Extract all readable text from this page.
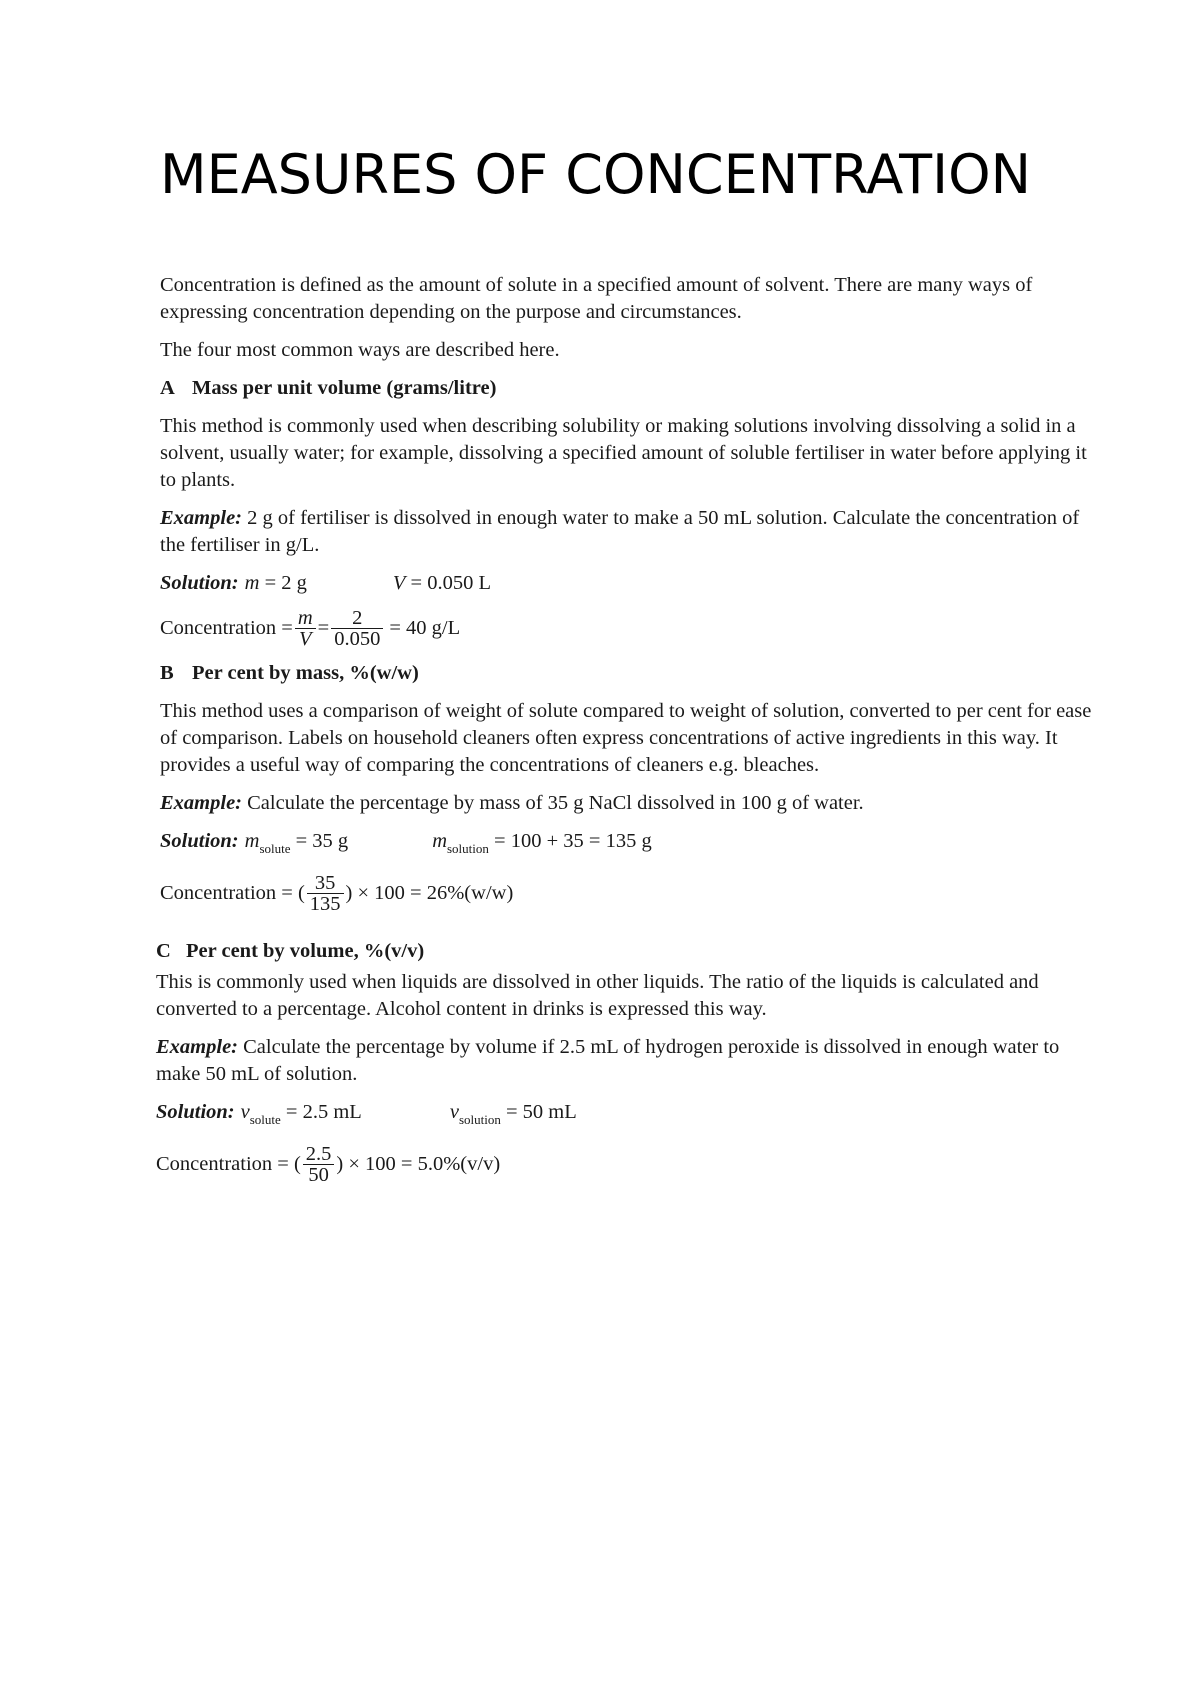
MEASURES OF CONCENTRATION

Concentration is defined as the amount of solute in a specified amount of solvent. There are many ways of expressing concentration depending on the purpose and circumstances.

The four most common ways are described here.

A Mass per unit volume (grams/litre)

This method is commonly used when describing solubility or making solutions involving dissolving a solid in a solvent, usually water; for example, dissolving a specified amount of soluble fertiliser in water before applying it to plants.

Example: 2 g of fertiliser is dissolved in enough water to make a 50 mL solution. Calculate the concentration of the fertiliser in g/L.

Solution: m = 2 g	V = 0.050 L
Concentration = $\frac{m}{V} = \frac{2}{0.050} = 40$ g/L
B Per cent by mass, %(w/w)

This method uses a comparison of weight of solute compared to weight of solution, converted to per cent for ease of comparison. Labels on household cleaners often express concentrations of active ingredients in this way. It provides a useful way of comparing the concentrations of cleaners e.g. bleaches.

Example: Calculate the percentage by mass of 35 g NaCl dissolved in 100 g of water.

Solution: $m_{solute} = 35$ g	$m_{solution} = 100 + 35 = 135$ g
Concentration = ( $\frac{35}{135}$ ) × 100 = 26%(w/w)
C Per cent by volume, %(v/v)

This is commonly used when liquids are dissolved in other liquids. The ratio of the liquids is calculated and converted to a percentage. Alcohol content in drinks is expressed this way.

Example: Calculate the percentage by volume if 2.5 mL of hydrogen peroxide is dissolved in enough water to make 50 mL of solution.

Solution: $v_{solute} = 2.5$ mL	$v_{solution} = 50$ mL
Concentration = ( $\frac{2.5}{50}$ ) × 100 = 5.0%(v/v)
